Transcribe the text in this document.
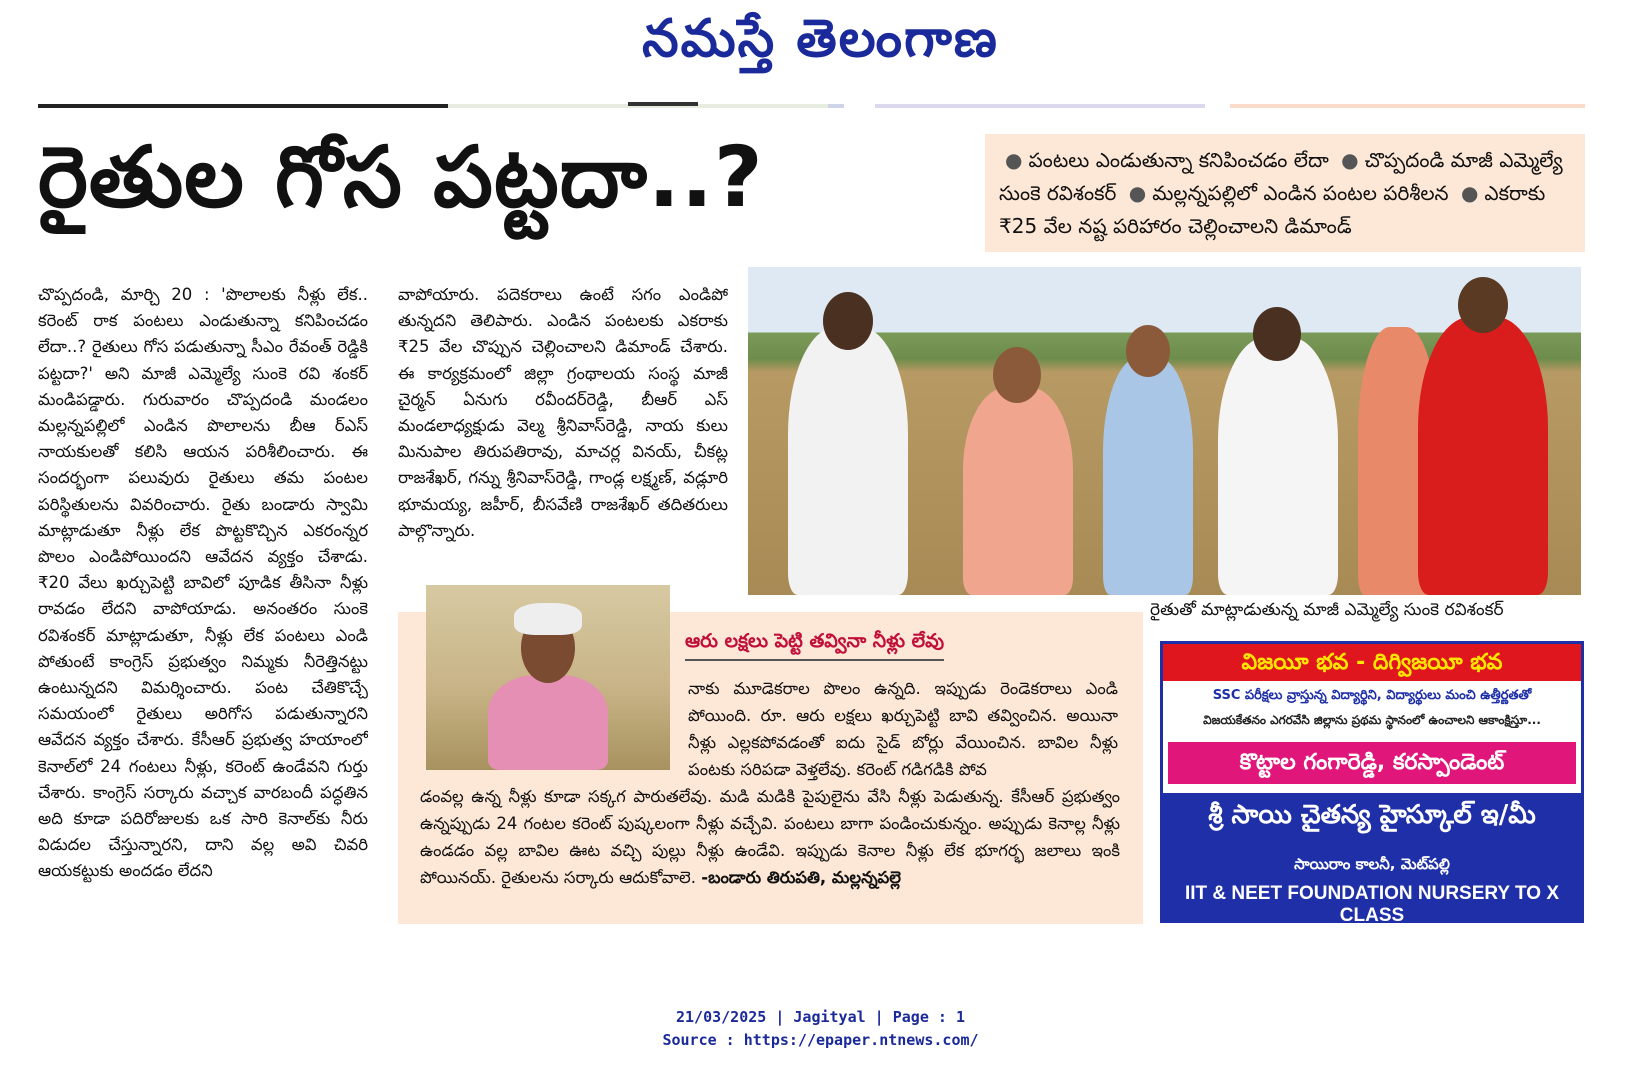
నమస్తే తెలంగాణ
రైతుల గోస పట్టదా..?	● పంటలు ఎండుతున్నా కనిపించడం లేదా ● చొప్పదండి మాజీ ఎమ్మెల్యే సుంకె రవిశంకర్ ● మల్లన్నపల్లిలో ఎండిన పంటల పరిశీలన ● ఎకరాకు ₹25 వేల నష్ట పరిహారం చెల్లించాలని డిమాండ్

చొప్పదండి, మార్చి 20 : 'పొలాలకు నీళ్లు లేక.. కరెంట్ రాక పంటలు ఎండుతున్నా కనిపించడం లేదా..? రైతులు గోస పడుతున్నా సీఎం రేవంత్ రెడ్డికి పట్టదా?' అని మాజీ ఎమ్మెల్యే సుంకె రవి శంకర్ మండిపడ్డారు. గురువారం చొప్పదండి మండలం మల్లన్నపల్లిలో ఎండిన పొలాలను బీఆ ర్ఎస్ నాయకులతో కలిసి ఆయన పరిశీలించారు. ఈ సందర్భంగా పలువురు రైతులు తమ పంటల పరిస్థితులను వివరించారు. రైతు బండారు స్వామి మాట్లాడుతూ నీళ్లు లేక పొట్టకొచ్చిన ఎకరంన్నర పొలం ఎండిపోయిందని ఆవేదన వ్యక్తం చేశాడు. ₹20 వేలు ఖర్చుపెట్టి బావిలో పూడిక తీసినా నీళ్లు రావడం లేదని వాపోయాడు. అనంతరం సుంకె రవిశంకర్ మాట్లాడుతూ, నీళ్లు లేక పంటలు ఎండి పోతుంటే కాంగ్రెస్ ప్రభుత్వం నిమ్మకు నీరెత్తినట్టు ఉంటున్నదని విమర్శించారు. పంట చేతికొచ్చే సమయంలో రైతులు అరిగోస పడుతున్నారని ఆవేదన వ్యక్తం చేశారు. కేసీఆర్ ప్రభుత్వ హయాంలో కెనాల్‌లో 24 గంటలు నీళ్లు, కరెంట్ ఉండేవని గుర్తు చేశారు. కాంగ్రెస్ సర్కారు వచ్చాక వారబందీ పద్ధతిన అది కూడా పదిరోజులకు ఒక సారి కెనాల్‌కు నీరు విడుదల చేస్తున్నారని, దాని వల్ల అవి చివరి ఆయకట్టుకు అందడం లేదని

వాపోయారు. పదెకరాలు ఉంటే సగం ఎండిపో తున్నదని తెలిపారు. ఎండిన పంటలకు ఎకరాకు ₹25 వేల చొప్పున చెల్లించాలని డిమాండ్ చేశారు. ఈ కార్యక్రమంలో జిల్లా గ్రంథాలయ సంస్థ మాజీ చైర్మన్ ఏనుగు రవీందర్‌రెడ్డి, బీఆర్ ఎస్ మండలాధ్యక్షుడు వెల్మ శ్రీనివాస్‌రెడ్డి, నాయ కులు మినుపాల తిరుపతిరావు, మాచర్ల వినయ్, చీకట్ల రాజశేఖర్, గన్ను శ్రీనివాస్‌రెడ్డి, గాండ్ల లక్ష్మణ్, వడ్లూరి భూమయ్య, జహీర్, బీసవేణి రాజశేఖర్ తదితరులు పాల్గొన్నారు.

రైతుతో మాట్లాడుతున్న మాజీ ఎమ్మెల్యే సుంకె రవిశంకర్
ఆరు లక్షలు పెట్టి తవ్వినా నీళ్లు లేవు

నాకు మూడెకరాల పొలం ఉన్నది. ఇప్పుడు రెండెకరాలు ఎండి పోయింది. రూ. ఆరు లక్షలు ఖర్చుపెట్టి బావి తవ్వించిన. అయినా నీళ్లు ఎల్లకపోవడంతో ఐదు సైడ్ బోర్లు వేయించిన. బావిల నీళ్లు పంటకు సరిపడా వెళ్తలేవు. కరెంట్ గడిగడికి పోవ

డంవల్ల ఉన్న నీళ్లు కూడా సక్కగ పారుతలేవు. మడి మడికి పైపులైను వేసి నీళ్లు పెడుతున్న. కేసీఆర్ ప్రభుత్వం ఉన్నప్పుడు 24 గంటల కరెంట్ పుష్కలంగా నీళ్లు వచ్చేవి. పంటలు బాగా పండించుకున్నం. అప్పుడు కెనాల్ల నీళ్లు ఉండడం వల్ల బావిల ఊట వచ్చి పుల్లు నీళ్లు ఉండేవి. ఇప్పుడు కెనాల నీళ్లు లేక భూగర్భ జలాలు ఇంకి పోయినయ్. రైతులను సర్కారు ఆదుకోవాలె. -బండారు తిరుపతి, మల్లన్నపల్లె

విజయీ భవ - దిగ్విజయీ భవ
SSC పరీక్షలు వ్రాస్తున్న విద్యార్థిని, విద్యార్థులు మంచి ఉత్తీర్ణతతో
విజయకేతనం ఎగరవేసి జిల్లాను ప్రథమ స్థానంలో ఉంచాలని ఆకాంక్షిస్తూ...
కొట్టాల గంగారెడ్డి, కరస్పాండెంట్
శ్రీ సాయి చైతన్య హైస్కూల్ ఇ/మీ
సాయిరాం కాలనీ, మెట్‌పల్లి
IIT & NEET FOUNDATION NURSERY TO X CLASS
21/03/2025 | Jagityal | Page : 1
Source : https://epaper.ntnews.com/
